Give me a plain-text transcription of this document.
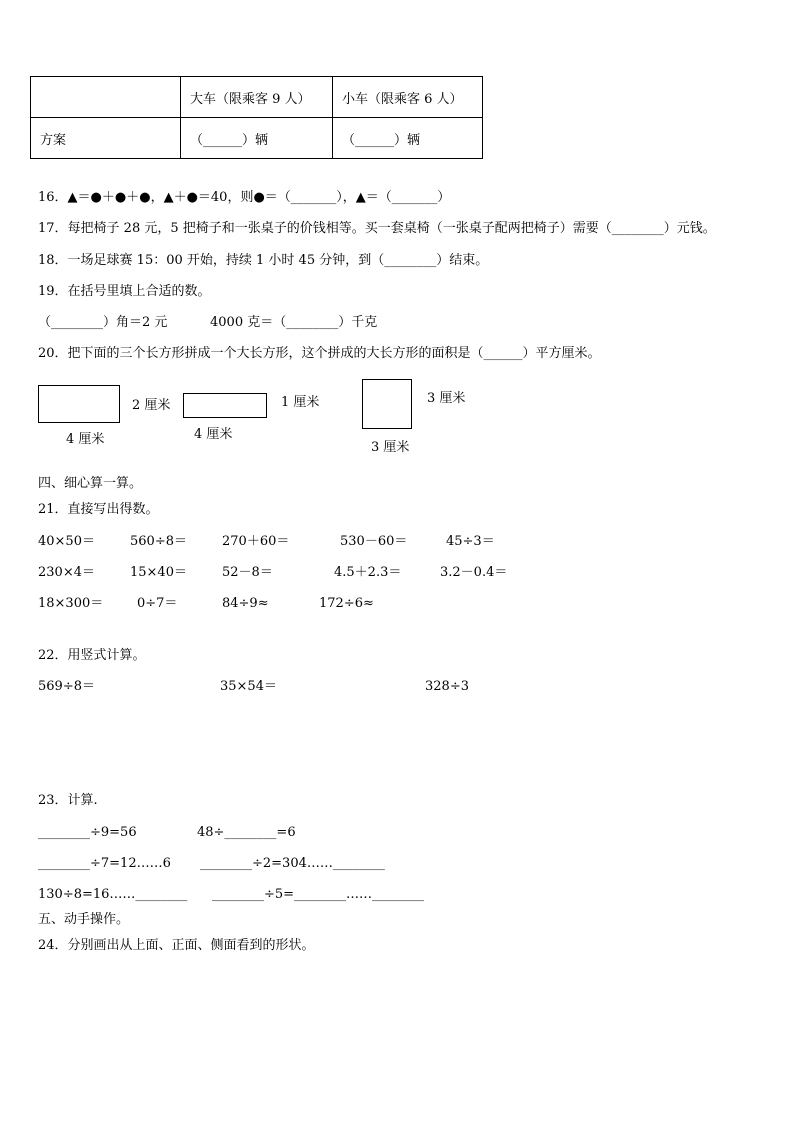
	大车（限乘客 9 人）	小车（限乘客 6 人）
方案	（______）辆	（______）辆
16．▲＝●＋●＋●，▲＋●＝40，则●＝（_______），▲＝（_______）
17．每把椅子 28 元，5 把椅子和一张桌子的价钱相等。买一套桌椅（一张桌子配两把椅子）需要（________）元钱。
18．一场足球赛 15：00 开始，持续 1 小时 45 分钟，到（________）结束。
19．在括号里填上合适的数。
（________）角＝2 元	4000 克＝（________）千克
20．把下面的三个长方形拼成一个大长方形，这个拼成的大长方形的面积是（______）平方厘米。
2 厘米
4 厘米
1 厘米
4 厘米
3 厘米
3 厘米
四、细心算一算。
21．直接写出得数。
40×50＝	560÷8＝	270＋60＝	530－60＝	45÷3＝
230×4＝	15×40＝	52－8＝	4.5＋2.3＝	3.2－0.4＝
18×300＝	0÷7＝	84÷9≈	172÷6≈
22．用竖式计算。
569÷8＝	35×54＝	328÷3
23．计算.
________÷9=56	48÷________=6
________÷7=12……6 ________÷2=304……________
130÷8=16……________ ________÷5=________……________
五、动手操作。
24．分别画出从上面、正面、侧面看到的形状。
